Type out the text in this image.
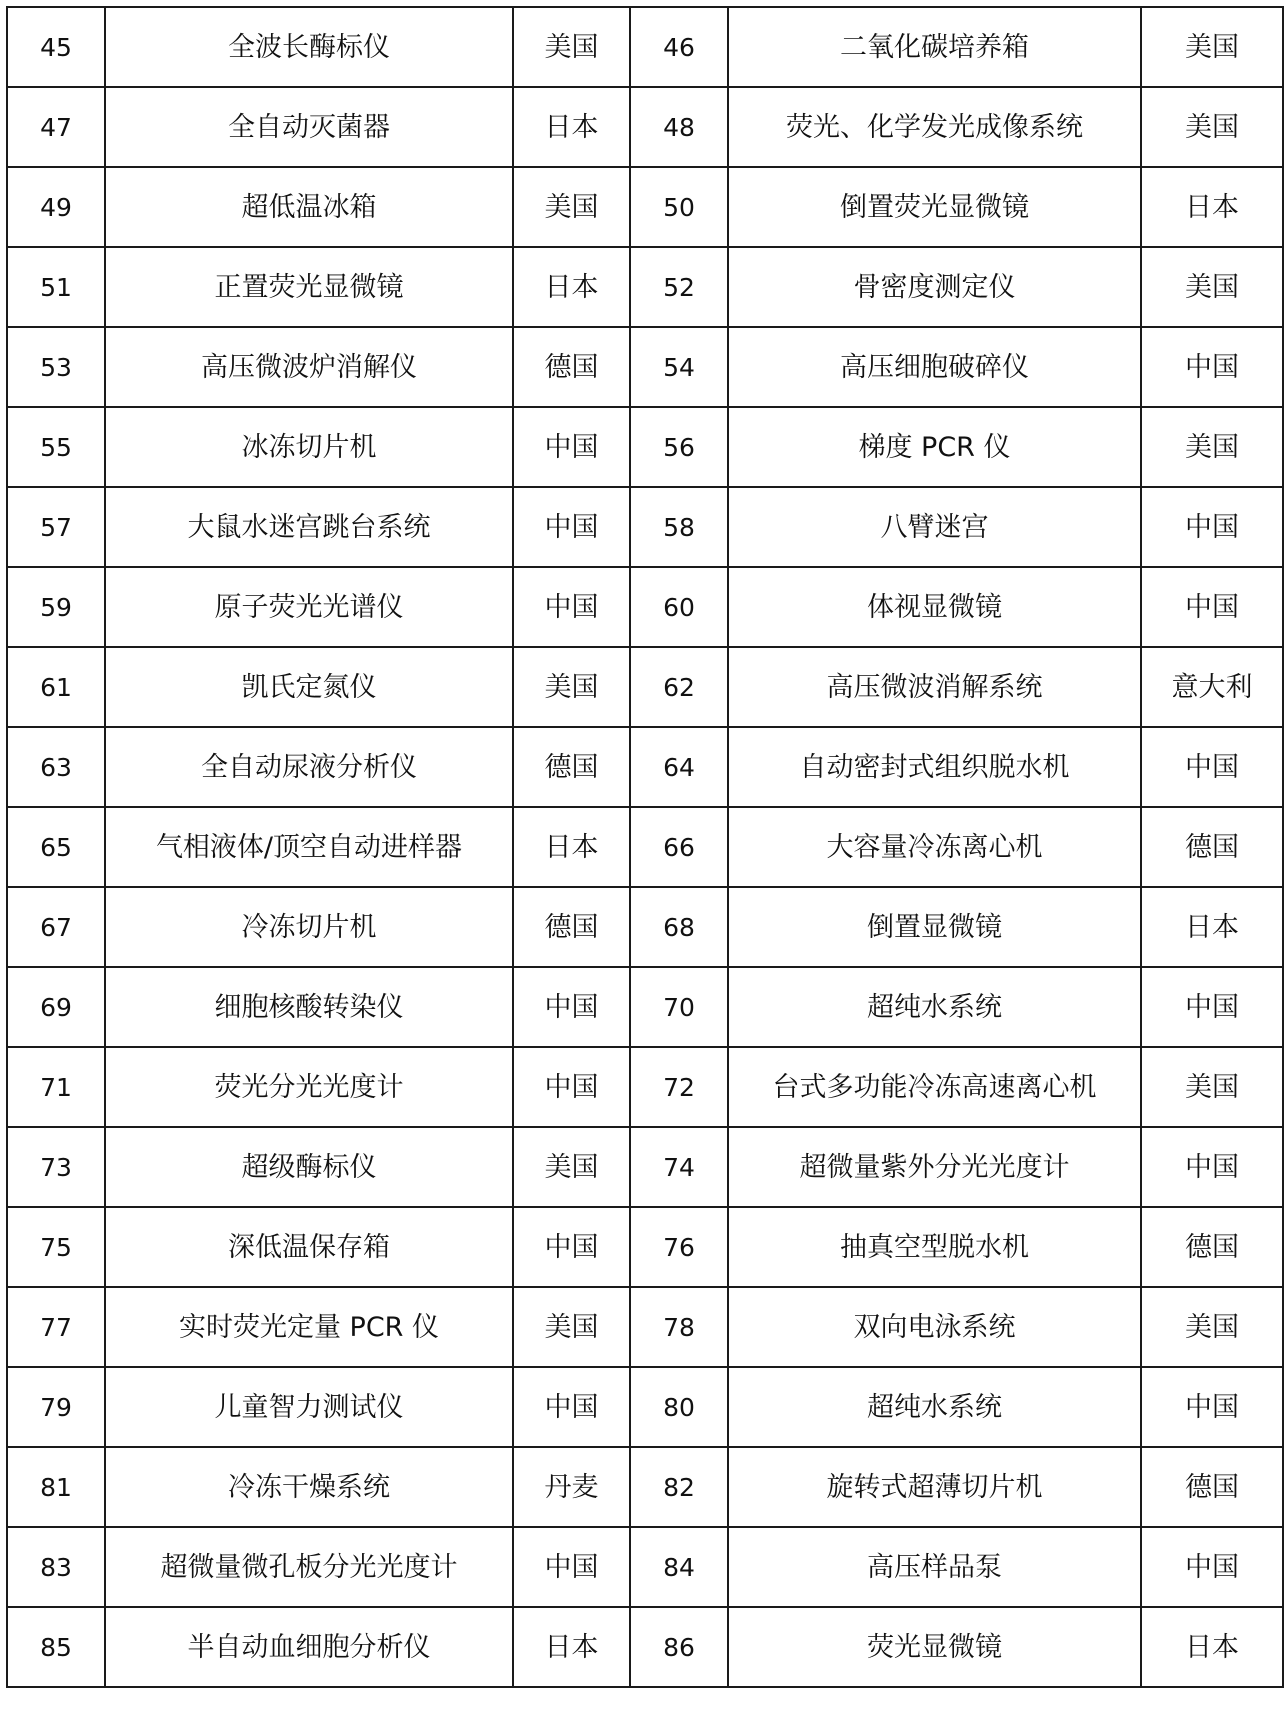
45	全波长酶标仪	美国	46	二氧化碳培养箱	美国
47	全自动灭菌器	日本	48	荧光、化学发光成像系统	美国
49	超低温冰箱	美国	50	倒置荧光显微镜	日本
51	正置荧光显微镜	日本	52	骨密度测定仪	美国
53	高压微波炉消解仪	德国	54	高压细胞破碎仪	中国
55	冰冻切片机	中国	56	梯度 PCR 仪	美国
57	大鼠水迷宫跳台系统	中国	58	八臂迷宫	中国
59	原子荧光光谱仪	中国	60	体视显微镜	中国
61	凯氏定氮仪	美国	62	高压微波消解系统	意大利
63	全自动尿液分析仪	德国	64	自动密封式组织脱水机	中国
65	气相液体/顶空自动进样器	日本	66	大容量冷冻离心机	德国
67	冷冻切片机	德国	68	倒置显微镜	日本
69	细胞核酸转染仪	中国	70	超纯水系统	中国
71	荧光分光光度计	中国	72	台式多功能冷冻高速离心机	美国
73	超级酶标仪	美国	74	超微量紫外分光光度计	中国
75	深低温保存箱	中国	76	抽真空型脱水机	德国
77	实时荧光定量 PCR 仪	美国	78	双向电泳系统	美国
79	儿童智力测试仪	中国	80	超纯水系统	中国
81	冷冻干燥系统	丹麦	82	旋转式超薄切片机	德国
83	超微量微孔板分光光度计	中国	84	高压样品泵	中国
85	半自动血细胞分析仪	日本	86	荧光显微镜	日本
